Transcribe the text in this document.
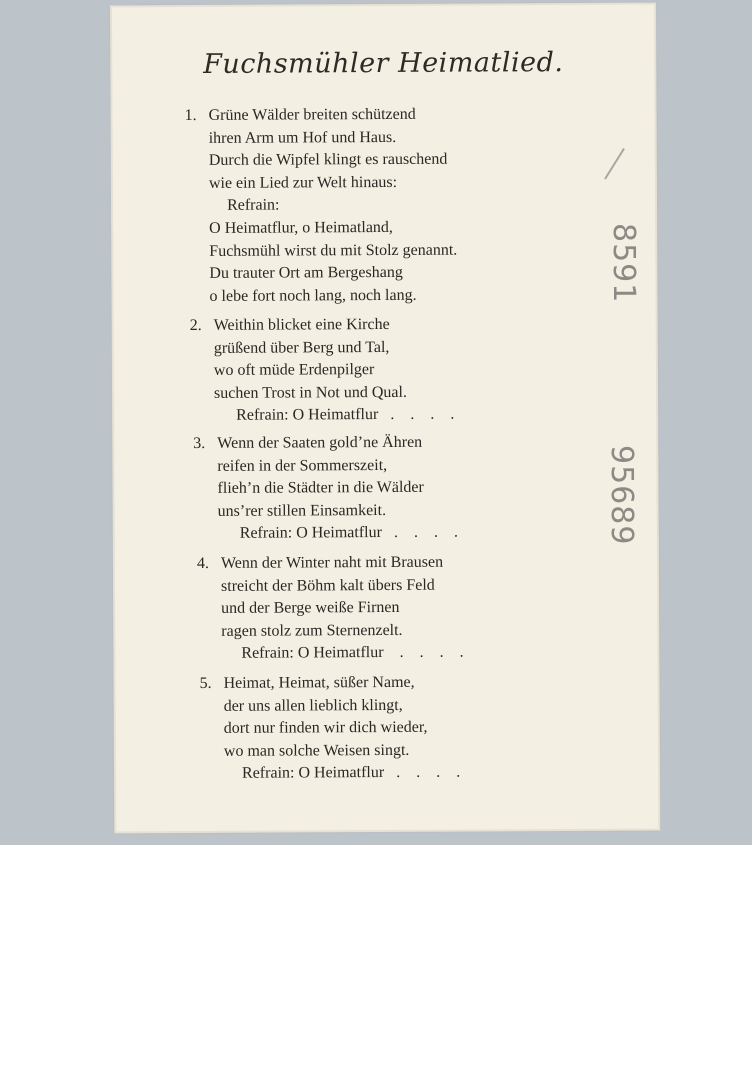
Fuchsmühler Heimatlied.
1. Grüne Wälder breiten schützend
ihren Arm um Hof und Haus.
Durch die Wipfel klingt es rauschend
wie ein Lied zur Welt hinaus:
Refrain:
O Heimatflur, o Heimatland,
Fuchsmühl wirst du mit Stolz genannt.
Du trauter Ort am Bergeshang
o lebe fort noch lang, noch lang.
2. Weithin blicket eine Kirche
grüßend über Berg und Tal,
wo oft müde Erdenpilger
suchen Trost in Not und Qual.
Refrain: O Heimatflur . . . .
3. Wenn der Saaten gold’ne Ähren
reifen in der Sommerszeit,
flieh’n die Städter in die Wälder
uns’rer stillen Einsamkeit.
Refrain: O Heimatflur . . . .
4. Wenn der Winter naht mit Brausen
streicht der Böhm kalt übers Feld
und der Berge weiße Firnen
ragen stolz zum Sternenzelt.
Refrain: O Heimatflur . . . .
5. Heimat, Heimat, süßer Name,
der uns allen lieblich klingt,
dort nur finden wir dich wieder,
wo man solche Weisen singt.
Refrain: O Heimatflur . . . .
8591
95689
